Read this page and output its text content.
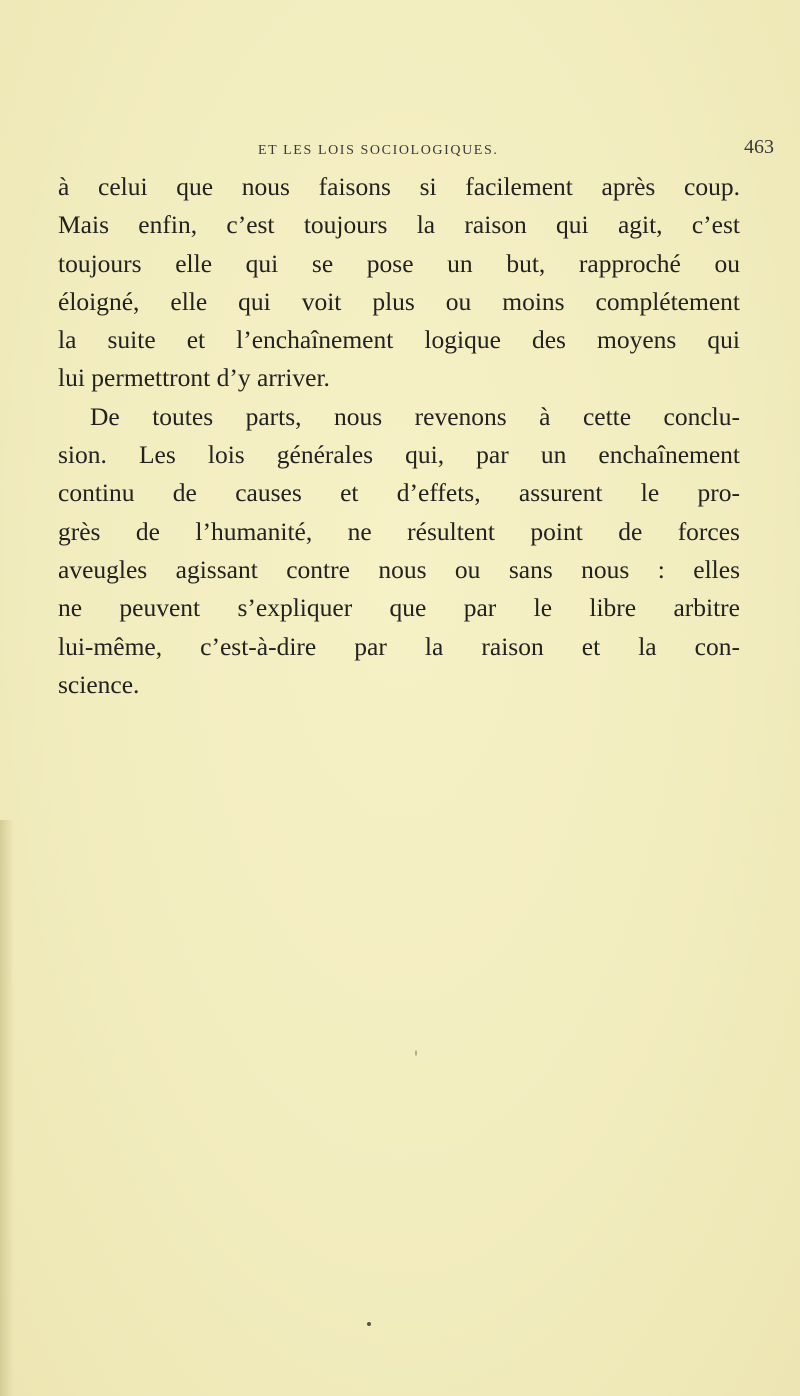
ET LES LOIS SOCIOLOGIQUES.	463
à celui que nous faisons si facilement après coup.
Mais enfin, c’est toujours la raison qui agit, c’est
toujours elle qui se pose un but, rapproché ou
éloigné, elle qui voit plus ou moins complétement
la suite et l’enchaînement logique des moyens qui
lui permettront d’y arriver.
De toutes parts, nous revenons à cette conclu-
sion. Les lois générales qui, par un enchaînement
continu de causes et d’effets, assurent le pro-
grès de l’humanité, ne résultent point de forces
aveugles agissant contre nous ou sans nous : elles
ne peuvent s’expliquer que par le libre arbitre
lui-même, c’est-à-dire par la raison et la con-
science.
